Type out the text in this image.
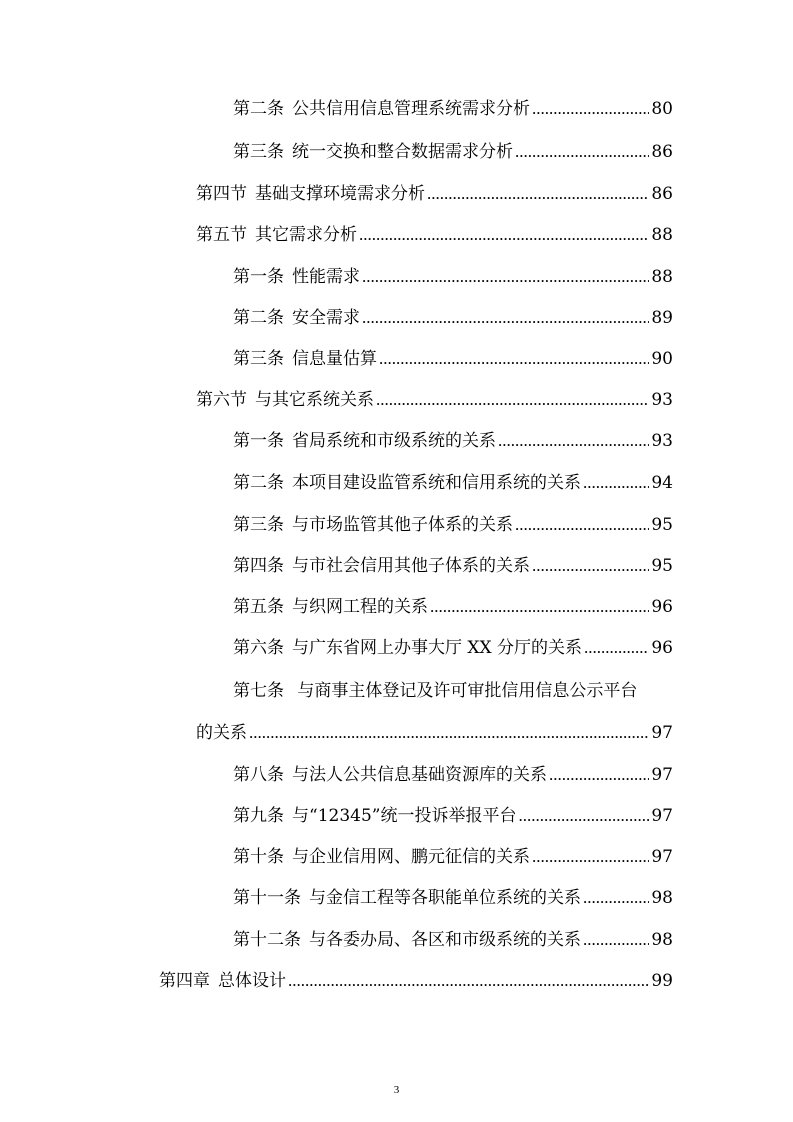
第二条 公共信用信息管理系统需求分析 .....	80
第三条 统一交换和整合数据需求分析 .....	86
第四节 基础支撑环境需求分析 .....	86
第五节 其它需求分析 .....	88
第一条 性能需求 .....	88
第二条 安全需求 .....	89
第三条 信息量估算 .....	90
第六节 与其它系统关系 .....	93
第一条 省局系统和市级系统的关系 .....	93
第二条 本项目建设监管系统和信用系统的关系 .....	94
第三条 与市场监管其他子体系的关系 .....	95
第四条 与市社会信用其他子体系的关系 .....	95
第五条 与织网工程的关系 .....	96
第六条 与广东省网上办事大厅 XX 分厅的关系 .....	96
第七条 与商事主体登记及许可审批信用信息公示平台
的关系 .....	97
第八条 与法人公共信息基础资源库的关系 .....	97
第九条 与“12345”统一投诉举报平台 .....	97
第十条 与企业信用网、鹏元征信的关系 .....	97
第十一条 与金信工程等各职能单位系统的关系 .....	98
第十二条 与各委办局、各区和市级系统的关系 .....	98
第四章 总体设计 .....	99
3
